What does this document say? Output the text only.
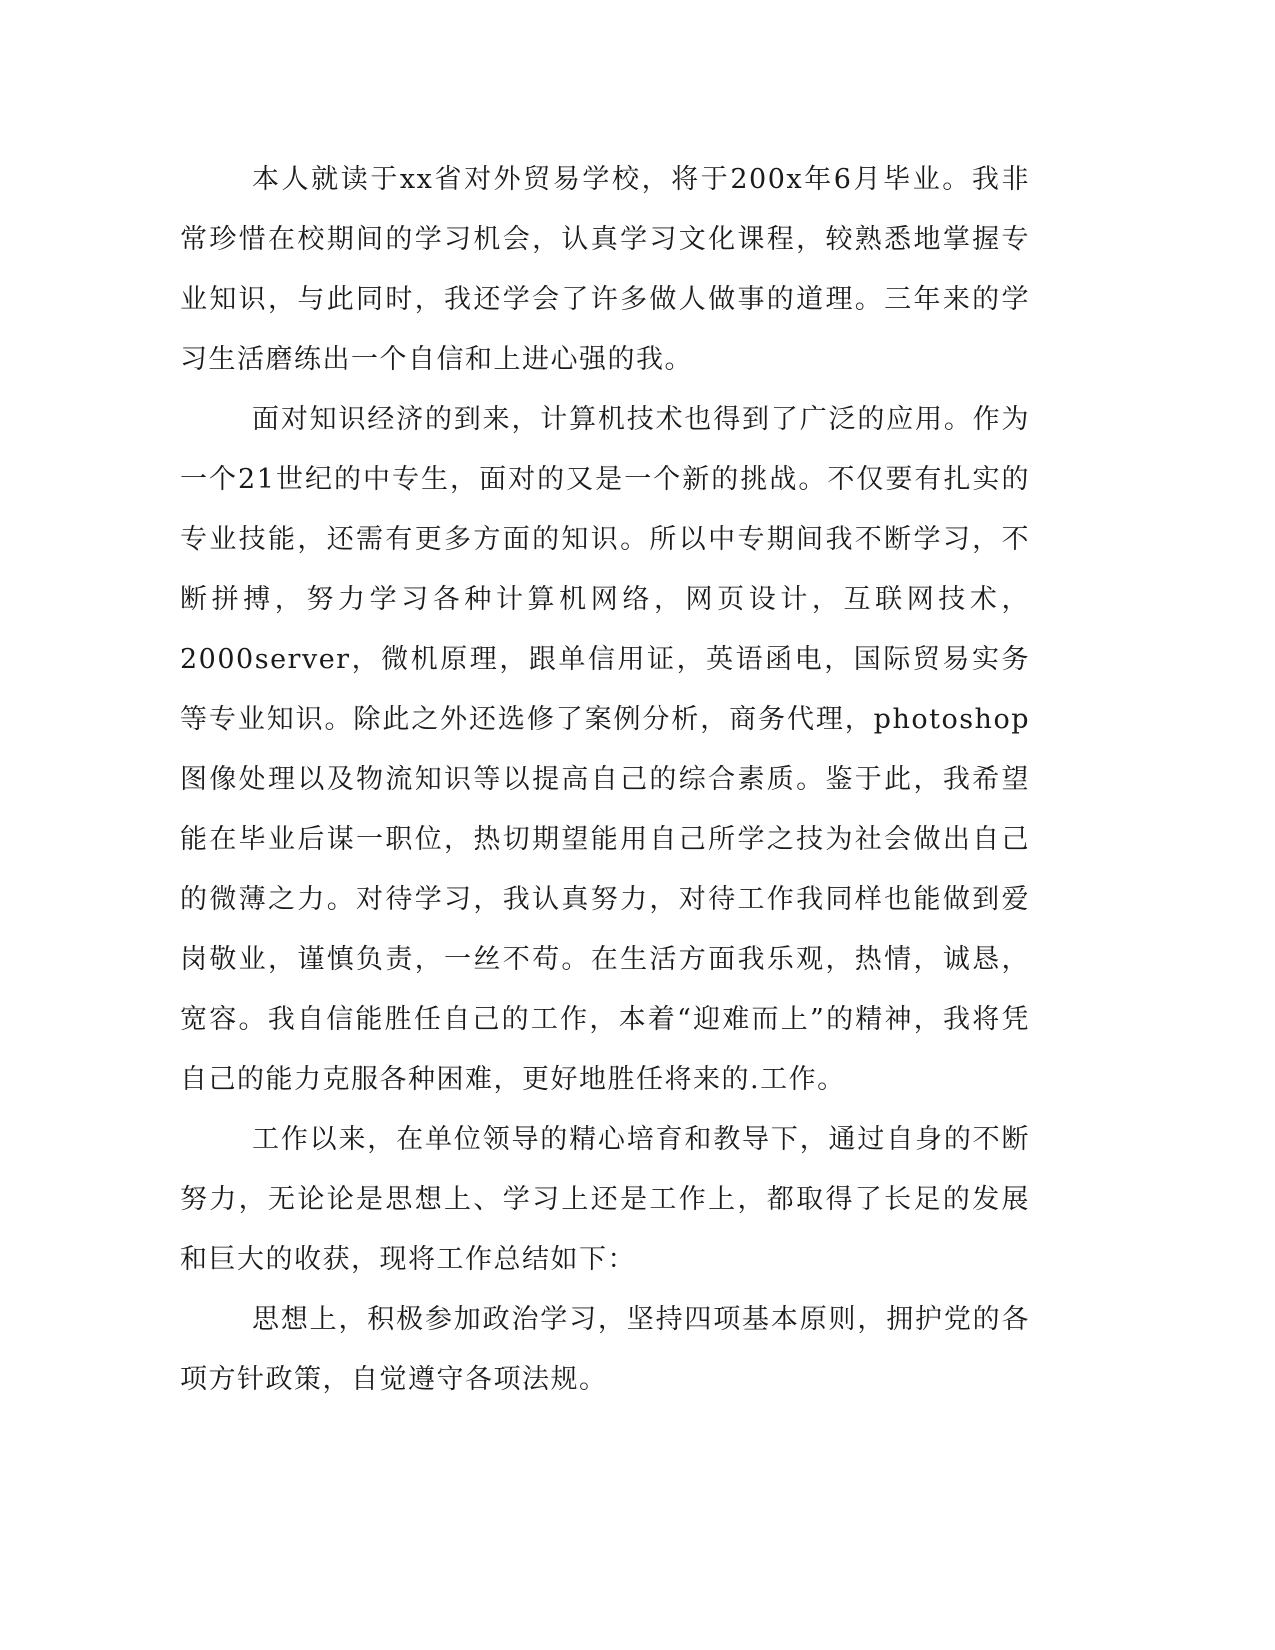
本人就读于xx省对外贸易学校，将于200x年6月毕业。我非常珍惜在校期间的学习机会，认真学习文化课程，较熟悉地掌握专业知识，与此同时，我还学会了许多做人做事的道理。三年来的学习生活磨练出一个自信和上进心强的我。

面对知识经济的到来，计算机技术也得到了广泛的应用。作为一个21世纪的中专生，面对的又是一个新的挑战。不仅要有扎实的专业技能，还需有更多方面的知识。所以中专期间我不断学习，不断拼搏，努力学习各种计算机网络，网页设计，互联网技术，2000server，微机原理，跟单信用证，英语函电，国际贸易实务等专业知识。除此之外还选修了案例分析，商务代理，photoshop图像处理以及物流知识等以提高自己的综合素质。鉴于此，我希望能在毕业后谋一职位，热切期望能用自己所学之技为社会做出自己的微薄之力。对待学习，我认真努力，对待工作我同样也能做到爱岗敬业，谨慎负责，一丝不苟。在生活方面我乐观，热情，诚恳，宽容。我自信能胜任自己的工作，本着“迎难而上”的精神，我将凭自己的能力克服各种困难，更好地胜任将来的.工作。

工作以来，在单位领导的精心培育和教导下，通过自身的不断努力，无论论是思想上、学习上还是工作上，都取得了长足的发展和巨大的收获，现将工作总结如下：

思想上，积极参加政治学习，坚持四项基本原则，拥护党的各项方针政策，自觉遵守各项法规。
